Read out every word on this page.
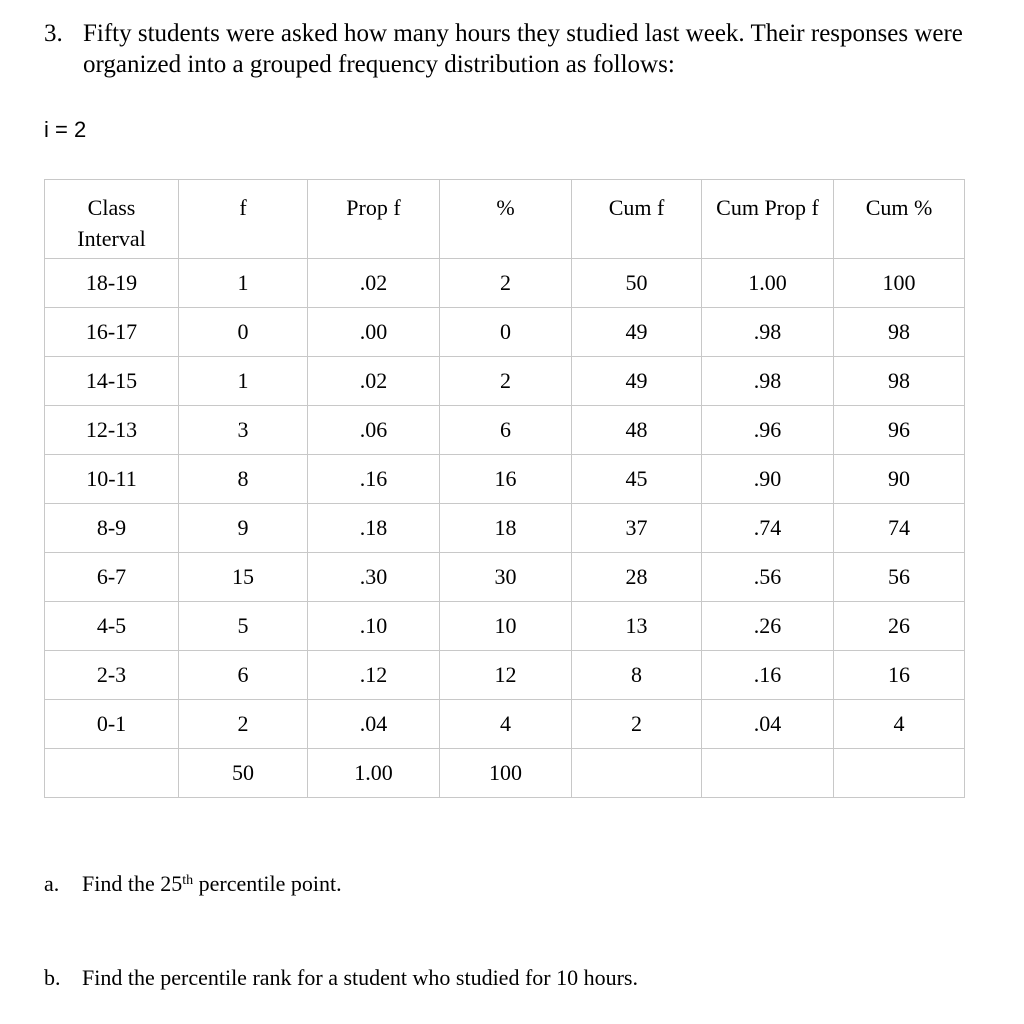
3. Fifty students were asked how many hours they studied last week. Their responses were organized into a grouped frequency distribution as follows:
i = 2
Class Interval	f	Prop f	%	Cum f	Cum Prop f	Cum %
18-19	1	.02	2	50	1.00	100
16-17	0	.00	0	49	.98	98
14-15	1	.02	2	49	.98	98
12-13	3	.06	6	48	.96	96
10-11	8	.16	16	45	.90	90
8-9	9	.18	18	37	.74	74
6-7	15	.30	30	28	.56	56
4-5	5	.10	10	13	.26	26
2-3	6	.12	12	8	.16	16
0-1	2	.04	4	2	.04	4
	50	1.00	100			
a. Find the 25th percentile point.
b. Find the percentile rank for a student who studied for 10 hours.
